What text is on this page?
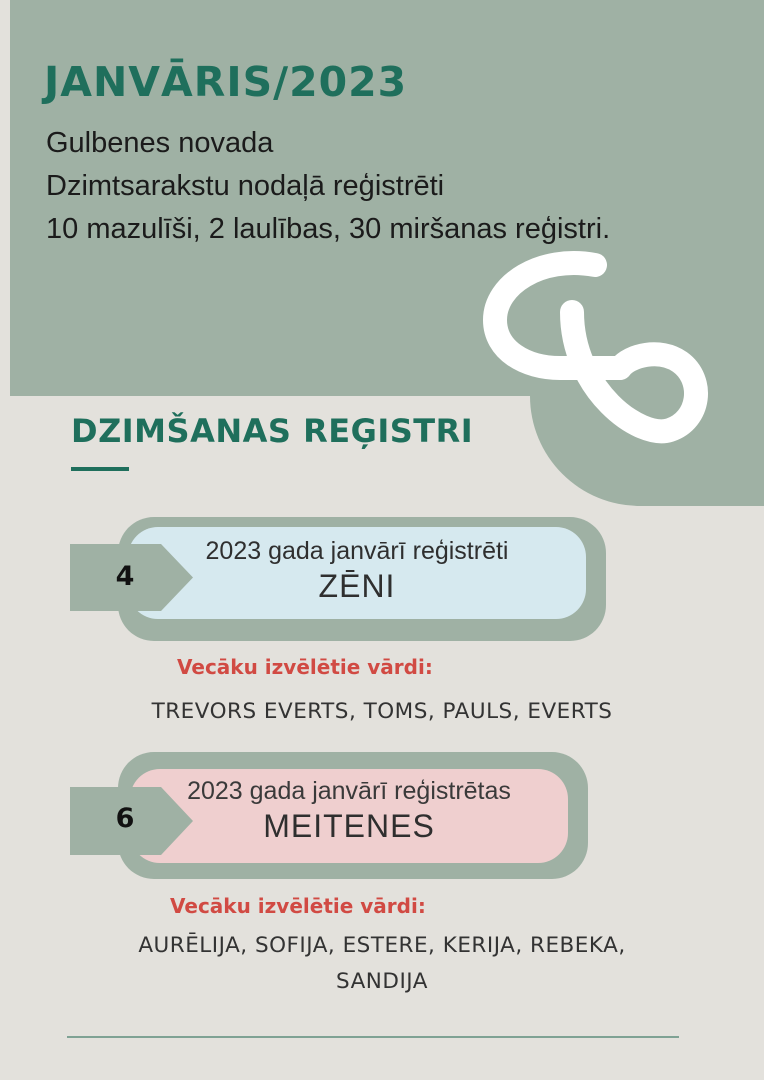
JANVĀRIS/2023
Gulbenes novada
Dzimtsarakstu nodaļā reģistrēti
10 mazulīši, 2 laulības, 30 miršanas reģistri.
DZIMŠANAS REĢISTRI
2023 gada janvārī reģistrēti
ZĒNI
4
Vecāku izvēlētie vārdi:
TREVORS EVERTS, TOMS, PAULS, EVERTS
2023 gada janvārī reģistrētas
MEITENES
6
Vecāku izvēlētie vārdi:
AURĒLIJA, SOFIJA, ESTERE, KERIJA, REBEKA,
SANDIJA
